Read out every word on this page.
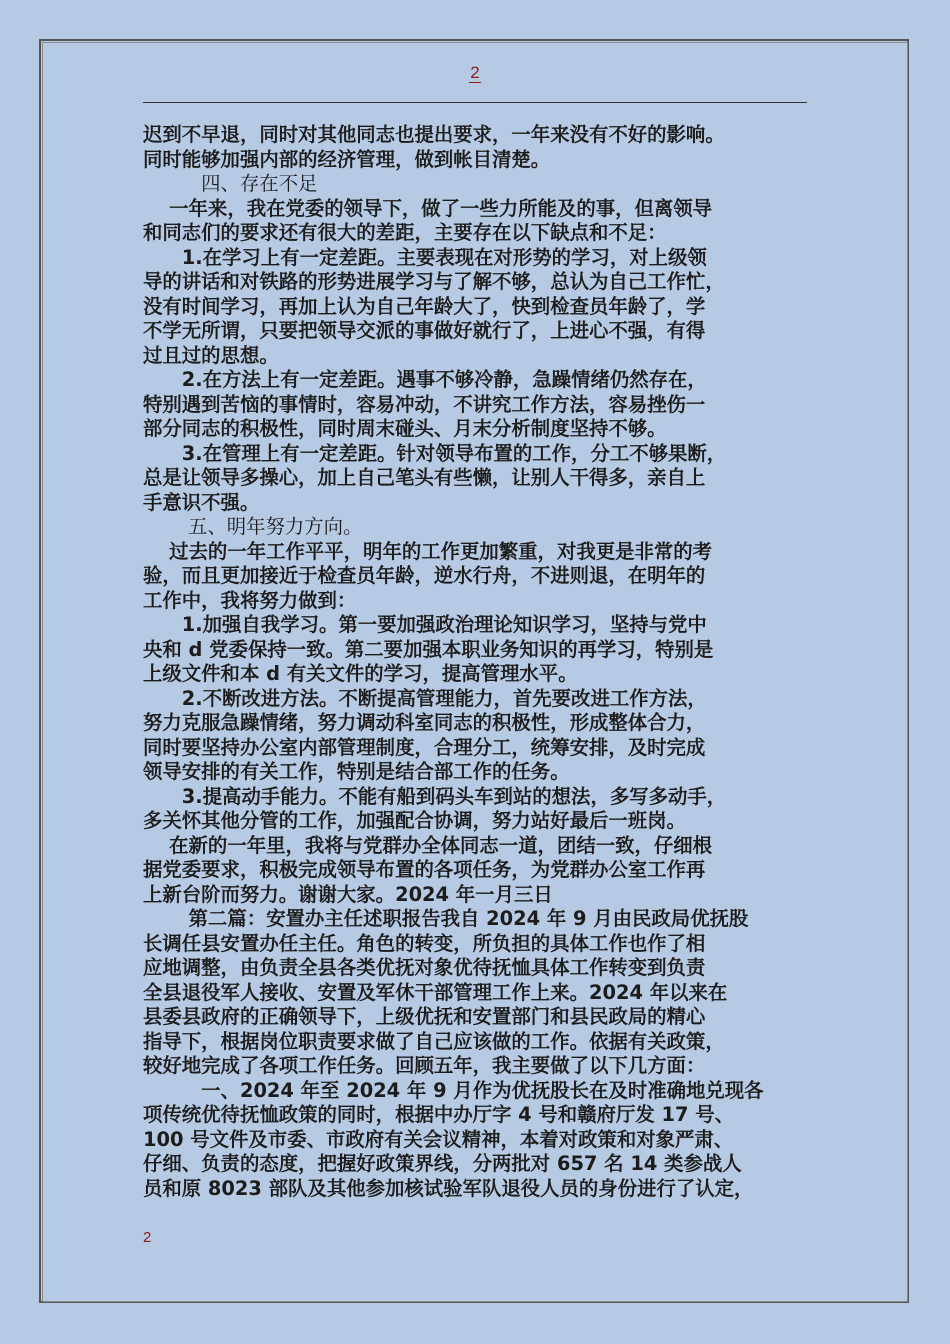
2

迟到不早退，同时对其他同志也提出要求，一年来没有不好的影响。

同时能够加强内部的经济管理，做到帐目清楚。

　　　四、存在不足

　 一年来，我在党委的领导下，做了一些力所能及的事，但离领导

和同志们的要求还有很大的差距，主要存在以下缺点和不足：

　　1.在学习上有一定差距。主要表现在对形势的学习，对上级领

导的讲话和对铁路的形势进展学习与了解不够，总认为自己工作忙，

没有时间学习，再加上认为自己年龄大了，快到检查员年龄了，学

不学无所谓，只要把领导交派的事做好就行了，上进心不强，有得

过且过的思想。

　　2.在方法上有一定差距。遇事不够冷静，急躁情绪仍然存在，

特别遇到苦恼的事情时，容易冲动，不讲究工作方法，容易挫伤一

部分同志的积极性，同时周末碰头、月末分析制度坚持不够。

　　3.在管理上有一定差距。针对领导布置的工作，分工不够果断，

总是让领导多操心，加上自己笔头有些懒，让别人干得多，亲自上

手意识不强。

　　 五、明年努力方向。

　 过去的一年工作平平，明年的工作更加繁重，对我更是非常的考

验，而且更加接近于检查员年龄，逆水行舟，不进则退，在明年的

工作中，我将努力做到：

　　1.加强自我学习。第一要加强政治理论知识学习，坚持与党中

央和 d 党委保持一致。第二要加强本职业务知识的再学习，特别是

上级文件和本 d 有关文件的学习，提高管理水平。

　　2.不断改进方法。不断提高管理能力，首先要改进工作方法，

努力克服急躁情绪，努力调动科室同志的积极性，形成整体合力，

同时要坚持办公室内部管理制度，合理分工，统筹安排，及时完成

领导安排的有关工作，特别是结合部工作的任务。

　　3.提高动手能力。不能有船到码头车到站的想法，多写多动手，

多关怀其他分管的工作，加强配合协调，努力站好最后一班岗。

　 在新的一年里，我将与党群办全体同志一道，团结一致，仔细根

据党委要求，积极完成领导布置的各项任务，为党群办公室工作再

上新台阶而努力。谢谢大家。2024 年一月三日

　　 第二篇：安置办主任述职报告我自 2024 年 9 月由民政局优抚股

长调任县安置办任主任。角色的转变，所负担的具体工作也作了相

应地调整，由负责全县各类优抚对象优待抚恤具体工作转变到负责

全县退役军人接收、安置及军休干部管理工作上来。2024 年以来在

县委县政府的正确领导下，上级优抚和安置部门和县民政局的精心

指导下，根据岗位职责要求做了自己应该做的工作。依据有关政策，

较好地完成了各项工作任务。回顾五年，我主要做了以下几方面：

　　　一、2024 年至 2024 年 9 月作为优抚股长在及时准确地兑现各

项传统优待抚恤政策的同时，根据中办厅字 4 号和赣府厅发 17 号、

100 号文件及市委、市政府有关会议精神，本着对政策和对象严肃、

仔细、负责的态度，把握好政策界线，分两批对 657 名 14 类参战人

员和原 8023 部队及其他参加核试验军队退役人员的身份进行了认定，

2
